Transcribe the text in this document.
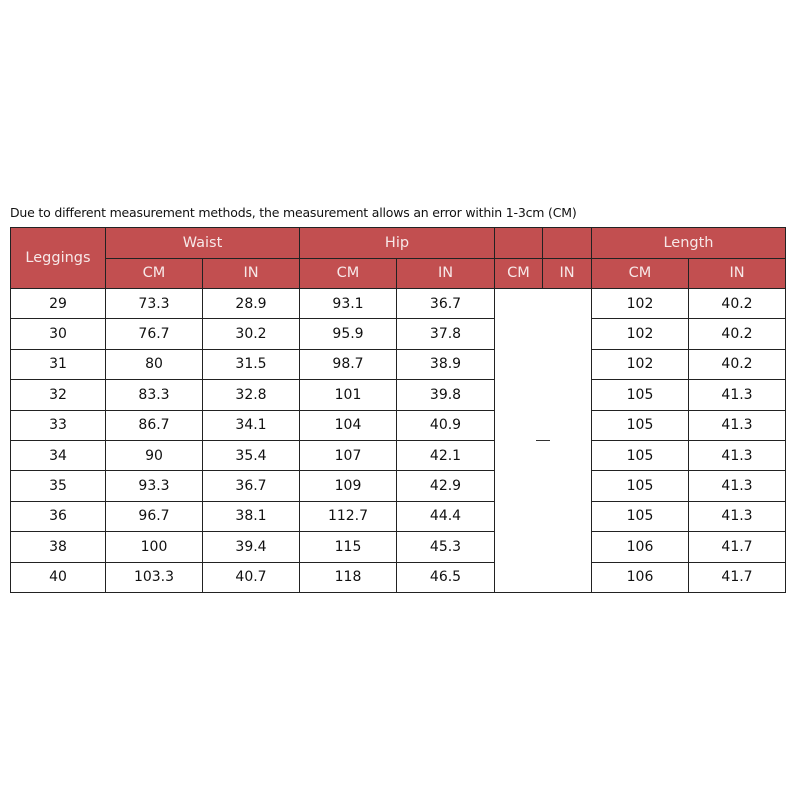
Due to different measurement methods, the measurement allows an error within 1-3cm (CM)
Leggings	Waist		Hip				Length	
	CM	IN	CM	IN	CM	IN	CM	IN
29	73.3	28.9	93.1	36.7			102	40.2
30	76.7	30.2	95.9	37.8			102	40.2
31	80	31.5	98.7	38.9			102	40.2
32	83.3	32.8	101	39.8			105	41.3
33	86.7	34.1	104	40.9			105	41.3
34	90	35.4	107	42.1			105	41.3
35	93.3	36.7	109	42.9			105	41.3
36	96.7	38.1	112.7	44.4			105	41.3
38	100	39.4	115	45.3			106	41.7
40	103.3	40.7	118	46.5			106	41.7
